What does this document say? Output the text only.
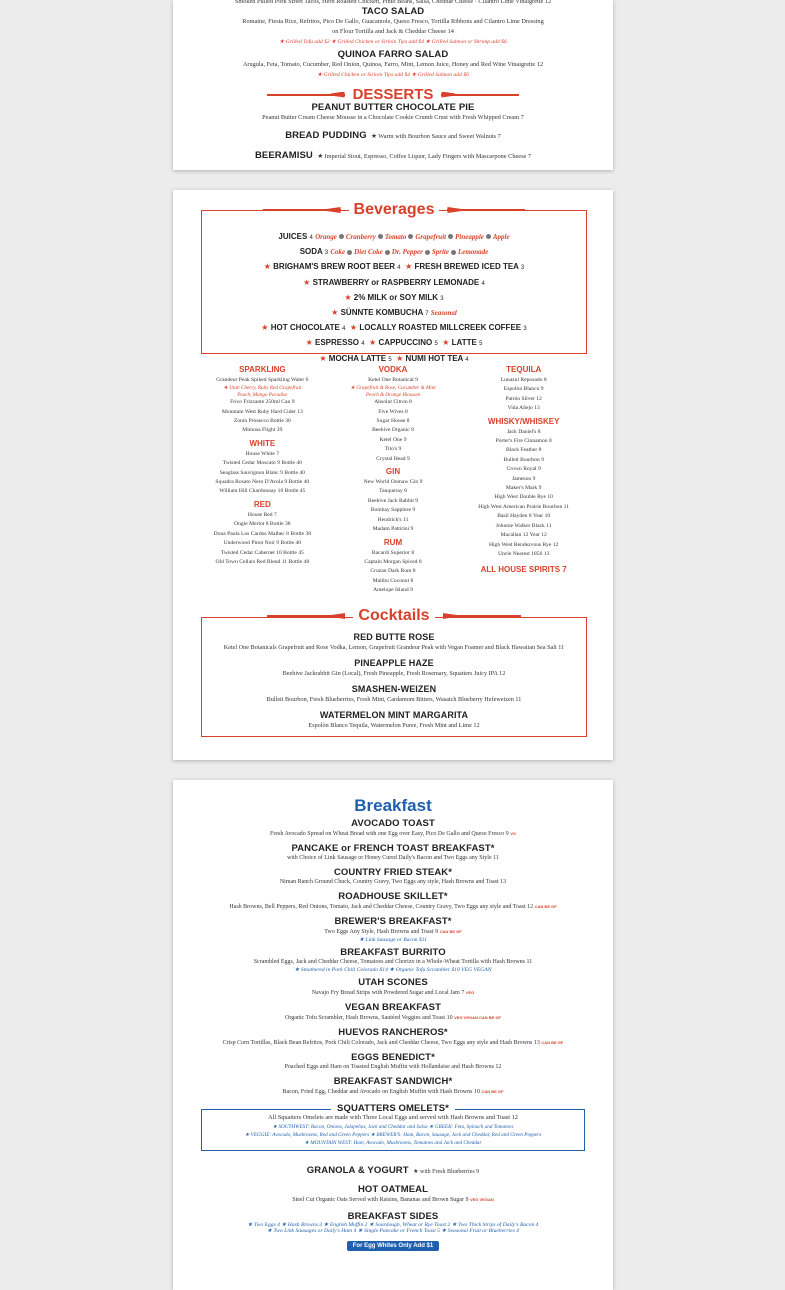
Smoked Pulled Pork Street Tacos, Herb Roasted Chicken, Pinto Beans, Salsa, Cheddar Cheese · Cilantro Lime Vinaigrette 12
TACO SALAD
Romaine, Fiesta Rice, Refritos, Pico De Gallo, Guacamole, Queso Fresco, Tortilla Ribbons and Cilantro Lime Dressing
on Flour Tortilla and Jack & Cheddar Cheese 14
★ Grilled Tofu add $2 ★ Grilled Chicken or Sirloin Tips add $4 ★ Grilled Salmon or Shrimp add $6
QUINOA FARRO SALAD
Arugula, Feta, Tomato, Cucumber, Red Onion, Quinoa, Farro, Mint, Lemon Juice, Honey and Red Wine Vinaigrette 12
★ Grilled Chicken or Sirloin Tips add $4 ★ Grilled Salmon add $6
DESSERTS
PEANUT BUTTER CHOCOLATE PIE
Peanut Butter Cream Cheese Mousse in a Chocolate Cookie Crumb Crust with Fresh Whipped Cream 7
BREAD PUDDING ★ Warm with Bourbon Sauce and Sweet Walnuts 7
BEERAMISU ★ Imperial Stout, Espresso, Coffee Liquor, Lady Fingers with Mascarpone Cheese 7
Beverages
JUICES 4 Orange Cranberry Tomato Grapefruit Pineapple Apple
SODA 3 Coke Diet Coke Dr. Pepper Sprite Lemonade
★ BRIGHAM'S BREW ROOT BEER 4 ★ FRESH BREWED ICED TEA 3
★ STRAWBERRY or RASPBERRY LEMONADE 4
★ 2% MILK or SOY MILK 3
★ SÜNNTE KOMBUCHA 7 Seasonal
★ HOT CHOCOLATE 4 ★ LOCALLY ROASTED MILLCREEK COFFEE 3
★ ESPRESSO 4 ★ CAPPUCCINO 5 ★ LATTE 5
★ MOCHA LATTE 5 ★ NUMI HOT TEA 4
SPARKLING
Grandeur Peak Spiked Sparkling Water 6
★ Utah Cherry, Ruby Red Grapefruit
Peach, Mango Paradise
Frico Frizzante 250ml Can 9
Mountain West Ruby Hard Cider 13
Zonin Prosecco Bottle 36
Mimosa Flight 39
WHITE
House White 7
Twisted Cedar Moscato 9 Bottle 40
Seaglass Sauvignon Blanc 9 Bottle 40
Squadra Rosato Nero D'Avola 9 Bottle 40
William Hill Chardonnay 10 Bottle 45
RED
House Red 7
Ongle Merlot 8 Bottle 38
Dona Paula Los Cardos Malbec 8 Bottle 38
Underwood Pinot Noir 9 Bottle 40
Twisted Cedar Cabernet 10 Bottle 45
Old Town Cellars Red Blend 11 Bottle 48
VODKA
Ketel One Botanical 9
★ Grapefruit & Rose, Cucumber & Mint
Peach & Orange Blossom
Absolut Citron 8
Five Wives 8
Sugar House 8
Beehive Organic 8
Ketel One 9
Tito's 9
Crystal Head 9
GIN
New World Oomaw Gin 9
Tanqueray 8
Beehive Jack Rabbit 9
Bombay Sapphire 9
Hendrick's 11
Madam Pattirini 9
RUM
Bacardi Superior 8
Captain Morgan Spiced 8
Cruzan Dark Rum 8
Malibu Coconut 8
Antelope Island 9
TEQUILA
Lunazul Reposado 8
Espolòn Blanco 9
Patrón Silver 12
Vida Añejo 13
WHISKY/WHISKEY
Jack Daniel's 8
Porter's Fire Cinnamon 8
Black Feather 8
Bulleit Bourbon 9
Crown Royal 9
Jameson 9
Maker's Mark 9
High West Double Rye 10
High West American Prairie Bourbon 11
Basil Hayden 8 Year 10
Johnnie Walker Black 11
Macallan 12 Year 12
High West Rendezvous Rye 12
Uncle Nearest 1856 13
ALL HOUSE SPIRITS 7
Cocktails
RED BUTTE ROSE
Ketel One Botanicals Grapefruit and Rose Vodka, Lemon, Grapefruit Grandeur Peak with Vegan Foamer and Black Hawaiian Sea Salt 11
PINEAPPLE HAZE
Beehive Jackrabbit Gin (Local), Fresh Pineapple, Fresh Rosemary, Squatters Juicy IPA 12
SMASHEN-WEIZEN
Bulleit Bourbon, Fresh Blueberries, Fresh Mint, Cardamom Bitters, Wasatch Blueberry Hefeweizen 11
WATERMELON MINT MARGARITA
Espolòn Blanco Tequila, Watermelon Puree, Fresh Mint and Lime 12
Breakfast
AVOCADO TOAST
Fresh Avocado Spread on Wheat Bread with one Egg over Easy, Pico De Gallo and Queso Fresco 9 VG
PANCAKE or FRENCH TOAST BREAKFAST*
with Choice of Link Sausage or Honey Cured Daily's Bacon and Two Eggs any Style 11
COUNTRY FRIED STEAK*
Niman Ranch Ground Chuck, Country Gravy, Two Eggs any style, Hash Browns and Toast 13
ROADHOUSE SKILLET*
Hash Browns, Bell Peppers, Red Onions, Tomato, Jack and Cheddar Cheese, Country Gravy, Two Eggs any style and Toast 12 CAN BE GF
BREWER'S BREAKFAST*
Two Eggs Any Style, Hash Browns and Toast 9 CAN BE GF
★ Link Sausage or Bacon $11
BREAKFAST BURRITO
Scrambled Eggs, Jack and Cheddar Cheese, Tomatoes and Chorizo in a Whole-Wheat Tortilla with Hash Browns 11
★ Smothered in Pork Chili Colorado $14 ★ Organic Tofu Scrambler $10 VEG VEGAN
UTAH SCONES
Navajo Fry Bread Strips with Powdered Sugar and Local Jam 7 VEG
VEGAN BREAKFAST
Organic Tofu Scrambler, Hash Browns, Sautéed Veggies and Toast 10 VEG VEGAN CAN BE GF
HUEVOS RANCHEROS*
Crisp Corn Tortillas, Black Bean Refritos, Pork Chili Colorado, Jack and Cheddar Cheese, Two Eggs any style and Hash Browns 13 CAN BE GF
EGGS BENEDICT*
Poached Eggs and Ham on Toasted English Muffin with Hollandaise and Hash Browns 12
BREAKFAST SANDWICH*
Bacon, Fried Egg, Cheddar and Avocado on English Muffin with Hash Browns 10 CAN BE GF
SQUATTERS OMELETS*
All Squatters Omelets are made with Three Local Eggs and served with Hash Browns and Toast 12
★ SOUTHWEST: Bacon, Onions, Jalapeños, Jack and Cheddar and Salsa ★ GREEK: Feta, Spinach and Tomatoes
★ VEGGIE: Avocado, Mushrooms, Red and Green Peppers ★ BREWER'S: Ham, Bacon, Sausage, Jack and Cheddar, Red and Green Peppers
★ MOUNTAIN WEST: Ham, Avocado, Mushrooms, Tomatoes and Jack and Cheddar
GRANOLA & YOGURT ★ with Fresh Blueberries 9
HOT OATMEAL
Steel Cut Organic Oats Served with Raisins, Bananas and Brown Sugar 9 VEG VEGAN
BREAKFAST SIDES
★ Two Eggs 4 ★ Hash Browns 3 ★ English Muffin 2 ★ Sourdough, Wheat or Rye Toast 2 ★ Two Thick Strips of Daily's Bacon 4
★ Two Link Sausages or Daily's Ham 4 ★ Single Pancake or French Toast 5 ★ Seasonal Fruit or Blueberries 4
For Egg Whites Only Add $1
